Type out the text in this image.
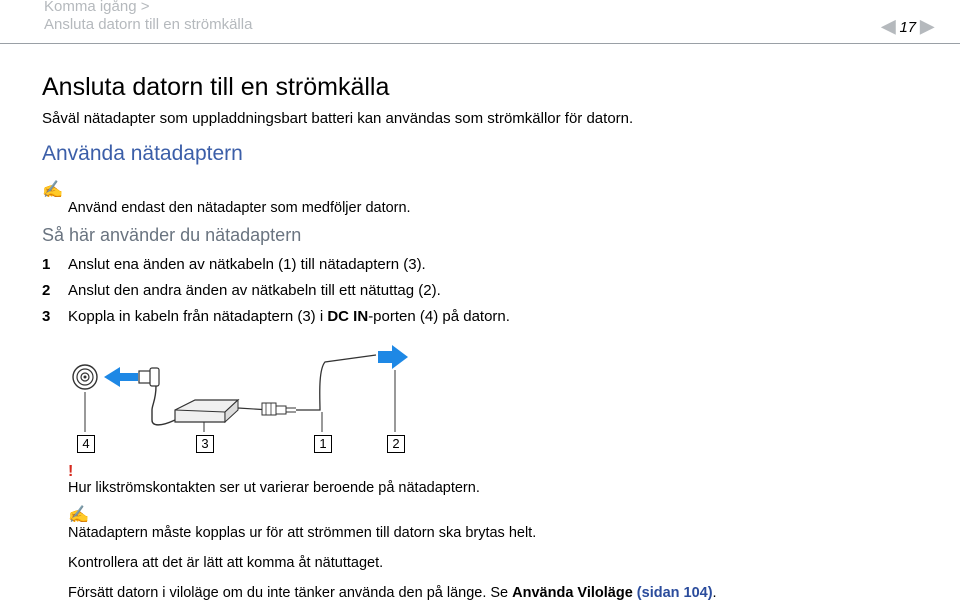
Komma igång >
Ansluta datorn till en strömkälla	◀ 17 ▶
Ansluta datorn till en strömkälla
Såväl nätadapter som uppladdningsbart batteri kan användas som strömkällor för datorn.
Använda nätadaptern
✍
Använd endast den nätadapter som medföljer datorn.
Så här använder du nätadaptern
1 Anslut ena änden av nätkabeln (1) till nätadaptern (3).
2 Anslut den andra änden av nätkabeln till ett nätuttag (2).
3 Koppla in kabeln från nätadaptern (3) i DC IN-porten (4) på datorn.
4	3	1	2
!
Hur likströmskontakten ser ut varierar beroende på nätadaptern.
✍
Nätadaptern måste kopplas ur för att strömmen till datorn ska brytas helt.
Kontrollera att det är lätt att komma åt nätuttaget.
Försätt datorn i viloläge om du inte tänker använda den på länge. Se Använda Viloläge (sidan 104).
